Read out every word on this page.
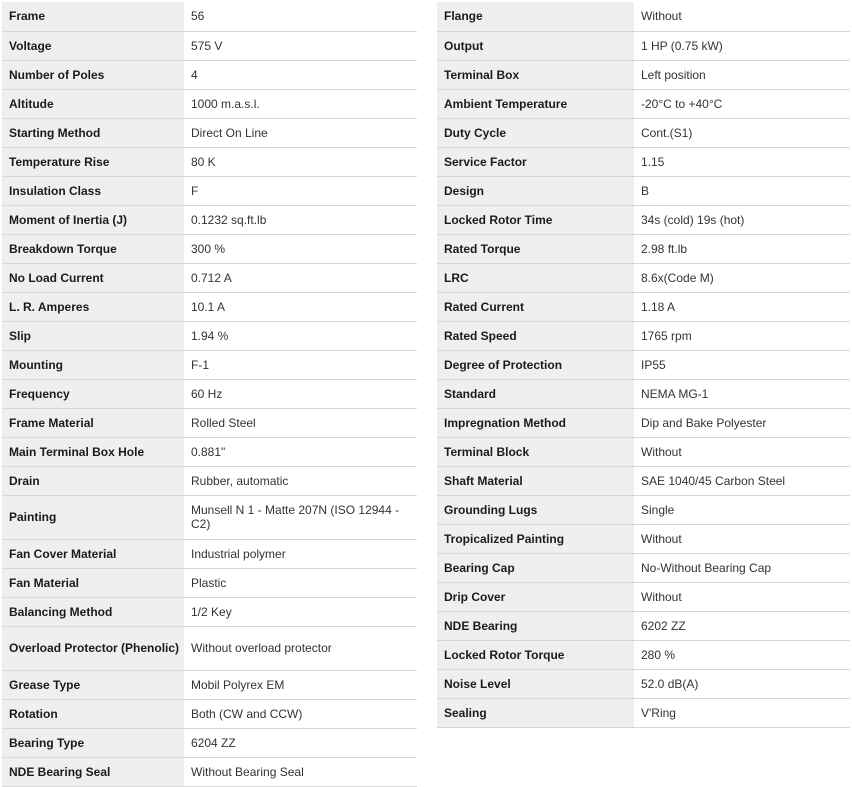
Frame	56
Voltage	575 V
Number of Poles	4
Altitude	1000 m.a.s.l.
Starting Method	Direct On Line
Temperature Rise	80 K
Insulation Class	F
Moment of Inertia (J)	0.1232 sq.ft.lb
Breakdown Torque	300 %
No Load Current	0.712 A
L. R. Amperes	10.1 A
Slip	1.94 %
Mounting	F-1
Frequency	60 Hz
Frame Material	Rolled Steel
Main Terminal Box Hole	0.881"
Drain	Rubber, automatic
Painting	Munsell N 1 - Matte 207N (ISO 12944 - C2)
Fan Cover Material	Industrial polymer
Fan Material	Plastic
Balancing Method	1/2 Key
Overload Protector (Phenolic)	Without overload protector
Grease Type	Mobil Polyrex EM
Rotation	Both (CW and CCW)
Bearing Type	6204 ZZ
NDE Bearing Seal	Without Bearing Seal
Flange	Without
Output	1 HP (0.75 kW)
Terminal Box	Left position
Ambient Temperature	-20°C to +40°C
Duty Cycle	Cont.(S1)
Service Factor	1.15
Design	B
Locked Rotor Time	34s (cold) 19s (hot)
Rated Torque	2.98 ft.lb
LRC	8.6x(Code M)
Rated Current	1.18 A
Rated Speed	1765 rpm
Degree of Protection	IP55
Standard	NEMA MG-1
Impregnation Method	Dip and Bake Polyester
Terminal Block	Without
Shaft Material	SAE 1040/45 Carbon Steel
Grounding Lugs	Single
Tropicalized Painting	Without
Bearing Cap	No-Without Bearing Cap
Drip Cover	Without
NDE Bearing	6202 ZZ
Locked Rotor Torque	280 %
Noise Level	52.0 dB(A)
Sealing	V'Ring
